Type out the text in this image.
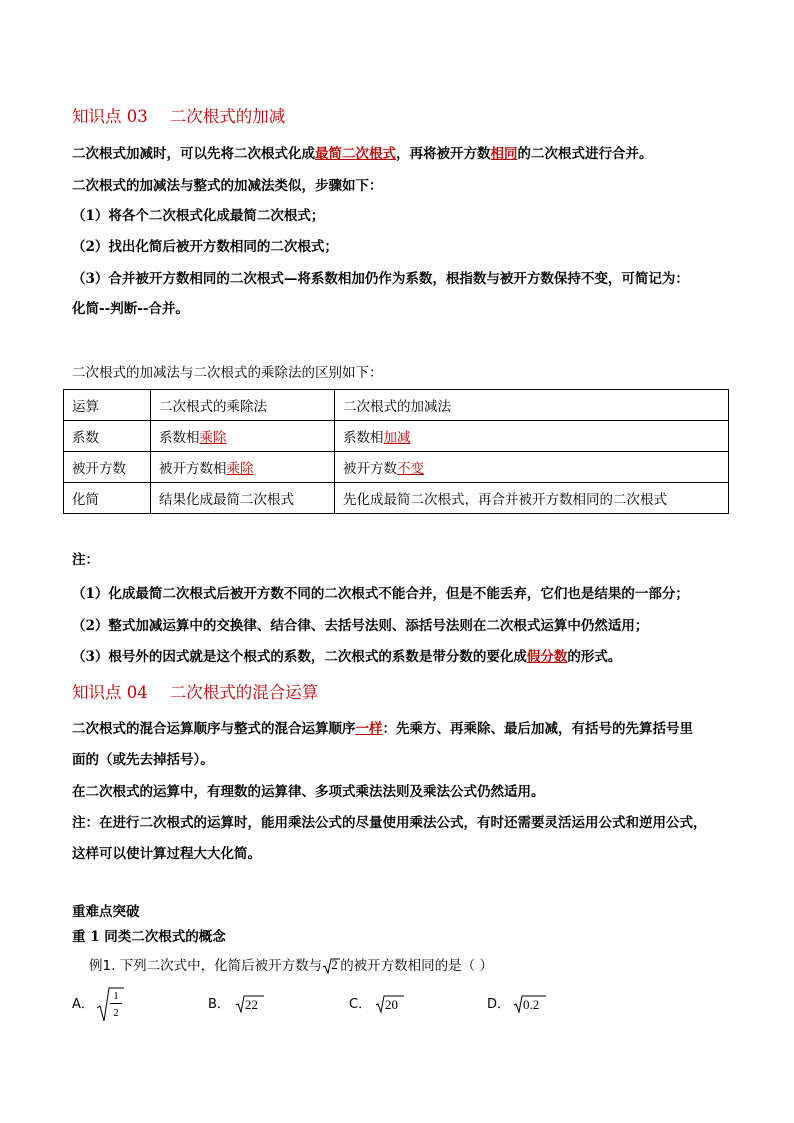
知识点 03 二次根式的加减
二次根式加减时，可以先将二次根式化成最简二次根式，再将被开方数相同的二次根式进行合并。
二次根式的加减法与整式的加减法类似，步骤如下：
（1）将各个二次根式化成最简二次根式；
（2）找出化简后被开方数相同的二次根式；
（3）合并被开方数相同的二次根式—将系数相加仍作为系数，根指数与被开方数保持不变，可简记为：
化简--判断--合并。
二次根式的加减法与二次根式的乘除法的区别如下：
运算	二次根式的乘除法	二次根式的加减法
系数	系数相乘除	系数相加减
被开方数	被开方数相乘除	被开方数不变
化简	结果化成最简二次根式	先化成最简二次根式，再合并被开方数相同的二次根式
注：
（1）化成最简二次根式后被开方数不同的二次根式不能合并，但是不能丢弃，它们也是结果的一部分；
（2）整式加减运算中的交换律、结合律、去括号法则、添括号法则在二次根式运算中仍然适用；
（3）根号外的因式就是这个根式的系数，二次根式的系数是带分数的要化成假分数的形式。
知识点 04 二次根式的混合运算
二次根式的混合运算顺序与整式的混合运算顺序一样：先乘方、再乘除、最后加减，有括号的先算括号里
面的（或先去掉括号）。
在二次根式的运算中，有理数的运算律、多项式乘法法则及乘法公式仍然适用。
注：在进行二次根式的运算时，能用乘法公式的尽量使用乘法公式，有时还需要灵活运用公式和逆用公式，
这样可以使计算过程大大化简。
重难点突破
重 1 同类二次根式的概念
例1. 下列二次式中，化简后被开方数与 2 的被开方数相同的是（ ）
A．
1
2
B． 22	C． 20	D． 0.2
